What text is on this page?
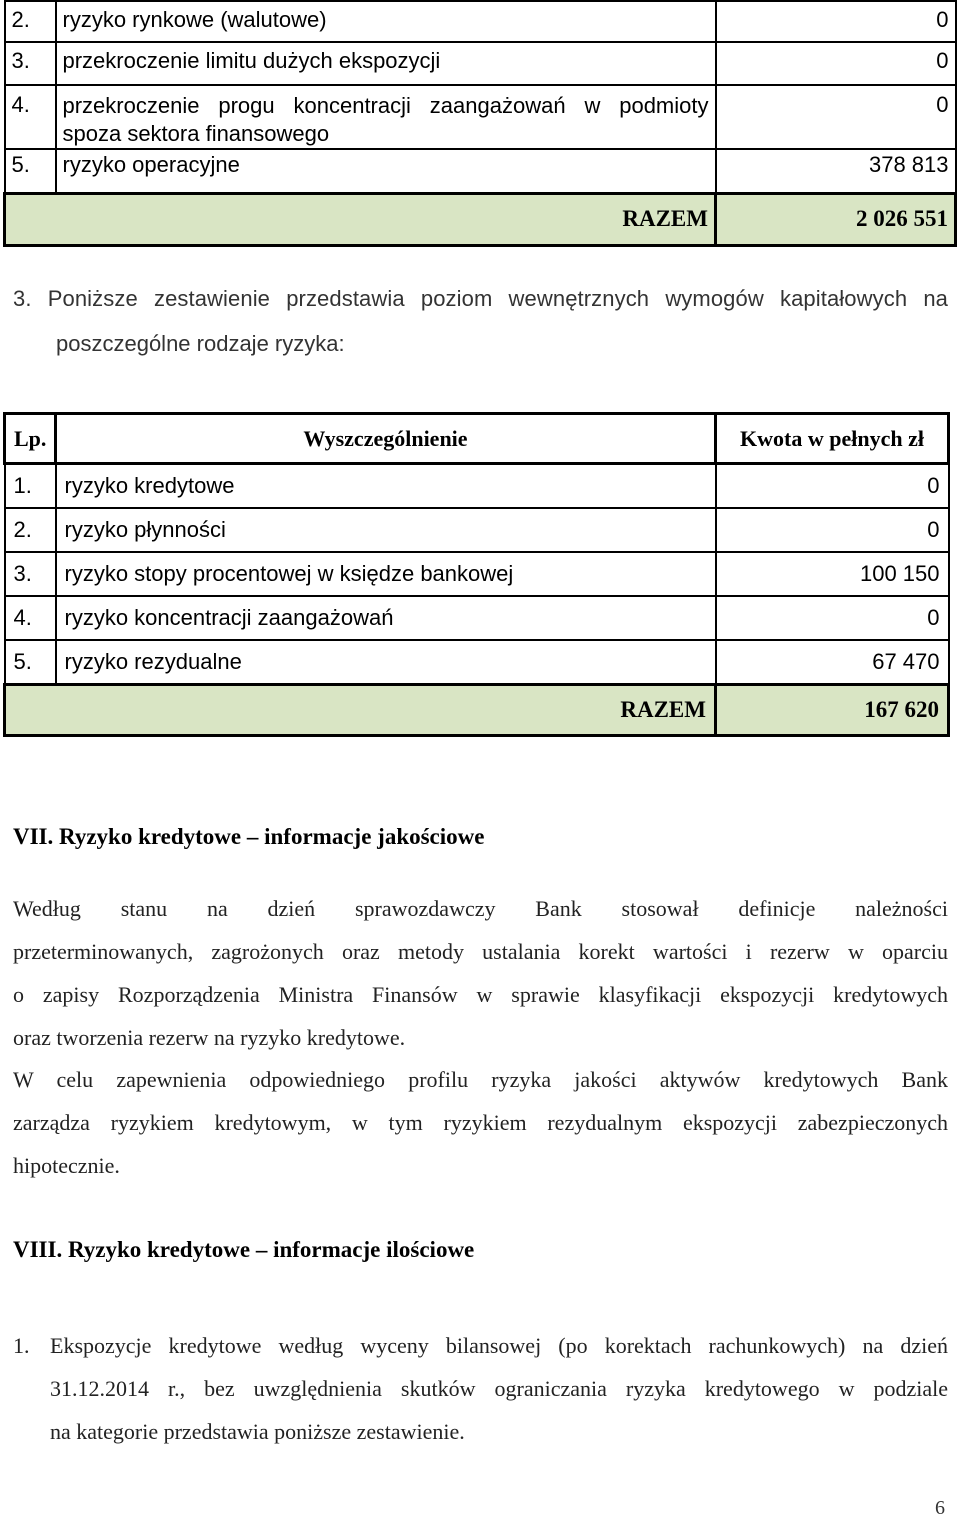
2.	ryzyko rynkowe (walutowe)	0
3.	przekroczenie limitu dużych ekspozycji	0
4.	przekroczenie progu koncentracji zaangażowań w podmioty
spoza sektora finansowego	0
5.	ryzyko operacyjne	378 813
RAZEM		2 026 551
3. Poniższe zestawienie przedstawia poziom wewnętrznych wymogów kapitałowych na
poszczególne rodzaje ryzyka:
Lp.	Wyszczególnienie	Kwota w pełnych zł
1.	ryzyko kredytowe	0
2.	ryzyko płynności	0
3.	ryzyko stopy procentowej w księdze bankowej	100 150
4.	ryzyko koncentracji zaangażowań	0
5.	ryzyko rezydualne	67 470
RAZEM		167 620
VII. Ryzyko kredytowe – informacje jakościowe
Według stanu na dzień sprawozdawczy Bank stosował definicje należności
przeterminowanych, zagrożonych oraz metody ustalania korekt wartości i rezerw w oparciu
o zapisy Rozporządzenia Ministra Finansów w sprawie klasyfikacji ekspozycji kredytowych
oraz tworzenia rezerw na ryzyko kredytowe.
W celu zapewnienia odpowiedniego profilu ryzyka jakości aktywów kredytowych Bank
zarządza ryzykiem kredytowym, w tym ryzykiem rezydualnym ekspozycji zabezpieczonych
hipotecznie.
VIII. Ryzyko kredytowe – informacje ilościowe
1. Ekspozycje kredytowe według wyceny bilansowej (po korektach rachunkowych) na dzień
31.12.2014 r., bez uwzględnienia skutków ograniczania ryzyka kredytowego w podziale
na kategorie przedstawia poniższe zestawienie.
6
